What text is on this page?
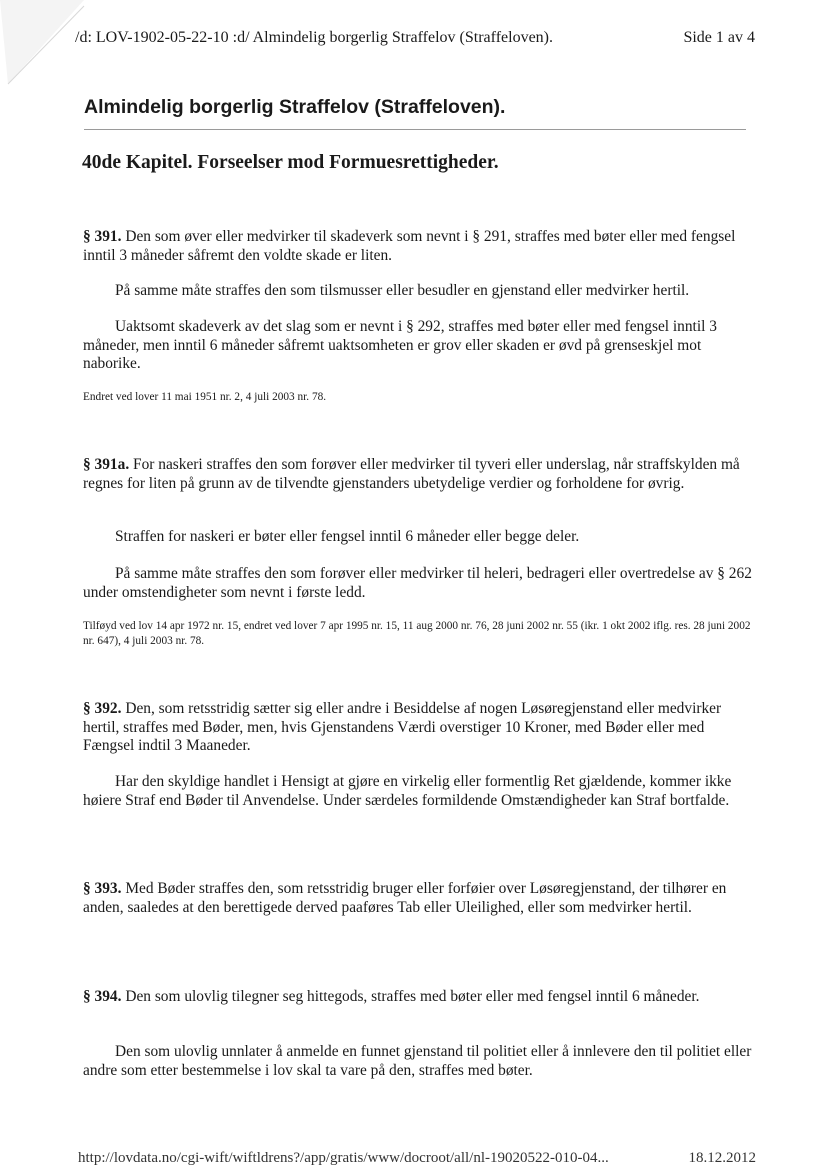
/d: LOV-1902-05-22-10 :d/ Almindelig borgerlig Straffelov (Straffeloven).	Side 1 av 4
Almindelig borgerlig Straffelov (Straffeloven).
40de Kapitel. Forseelser mod Formuesrettigheder.

§ 391. Den som øver eller medvirker til skadeverk som nevnt i § 291, straffes med bøter eller med fengsel inntil 3 måneder såfremt den voldte skade er liten.

På samme måte straffes den som tilsmusser eller besudler en gjenstand eller medvirker hertil.

Uaktsomt skadeverk av det slag som er nevnt i § 292, straffes med bøter eller med fengsel inntil 3 måneder, men inntil 6 måneder såfremt uaktsomheten er grov eller skaden er øvd på grenseskjel mot naborike.

Endret ved lover 11 mai 1951 nr. 2, 4 juli 2003 nr. 78.

§ 391a. For naskeri straffes den som forøver eller medvirker til tyveri eller underslag, når straffskylden må regnes for liten på grunn av de tilvendte gjenstanders ubetydelige verdier og forholdene for øvrig.

Straffen for naskeri er bøter eller fengsel inntil 6 måneder eller begge deler.

På samme måte straffes den som forøver eller medvirker til heleri, bedrageri eller overtredelse av § 262 under omstendigheter som nevnt i første ledd.

Tilføyd ved lov 14 apr 1972 nr. 15, endret ved lover 7 apr 1995 nr. 15, 11 aug 2000 nr. 76, 28 juni 2002 nr. 55 (ikr. 1 okt 2002 iflg. res. 28 juni 2002 nr. 647), 4 juli 2003 nr. 78.

§ 392. Den, som retsstridig sætter sig eller andre i Besiddelse af nogen Løsøregjenstand eller medvirker hertil, straffes med Bøder, men, hvis Gjenstandens Værdi overstiger 10 Kroner, med Bøder eller med Fængsel indtil 3 Maaneder.

Har den skyldige handlet i Hensigt at gjøre en virkelig eller formentlig Ret gjældende, kommer ikke høiere Straf end Bøder til Anvendelse. Under særdeles formildende Omstændigheder kan Straf bortfalde.

§ 393. Med Bøder straffes den, som retsstridig bruger eller forføier over Løsøregjenstand, der tilhører en anden, saaledes at den berettigede derved paaføres Tab eller Uleilighed, eller som medvirker hertil.

§ 394. Den som ulovlig tilegner seg hittegods, straffes med bøter eller med fengsel inntil 6 måneder.

Den som ulovlig unnlater å anmelde en funnet gjenstand til politiet eller å innlevere den til politiet eller andre som etter bestemmelse i lov skal ta vare på den, straffes med bøter.

http://lovdata.no/cgi-wift/wiftldrens?/app/gratis/www/docroot/all/nl-19020522-010-04...	18.12.2012
